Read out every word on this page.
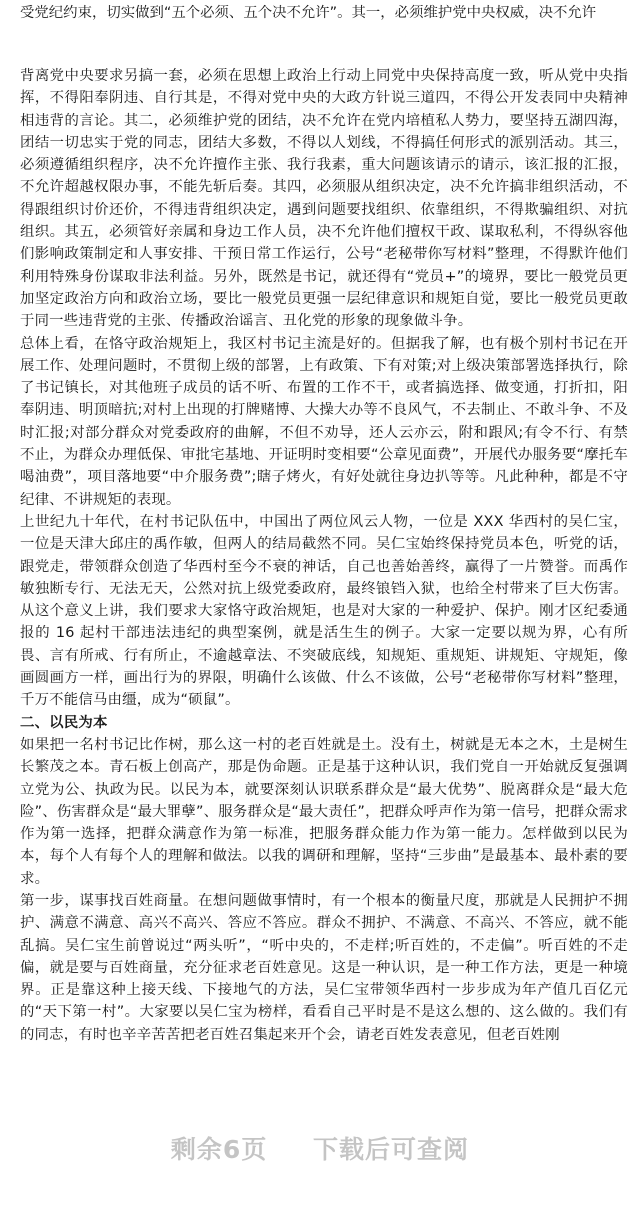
受党纪约束，切实做到“五个必须、五个决不允许”。其一，必须维护党中央权威，决不允许

背离党中央要求另搞一套，必须在思想上政治上行动上同党中央保持高度一致，听从党中央指挥，不得阳奉阴违、自行其是，不得对党中央的大政方针说三道四，不得公开发表同中央精神相违背的言论。其二，必须维护党的团结，决不允许在党内培植私人势力，要坚持五湖四海，团结一切忠实于党的同志，团结大多数，不得以人划线，不得搞任何形式的派别活动。其三，必须遵循组织程序，决不允许擅作主张、我行我素，重大问题该请示的请示，该汇报的汇报，不允许超越权限办事，不能先斩后奏。其四，必须服从组织决定，决不允许搞非组织活动，不得跟组织讨价还价，不得违背组织决定，遇到问题要找组织、依靠组织，不得欺骗组织、对抗组织。其五，必须管好亲属和身边工作人员，决不允许他们擅权干政、谋取私利，不得纵容他们影响政策制定和人事安排、干预日常工作运行，公号“老秘带你写材料”整理，不得默许他们利用特殊身份谋取非法利益。另外，既然是书记，就还得有“党员+”的境界，要比一般党员更加坚定政治方向和政治立场，要比一般党员更强一层纪律意识和规矩自觉，要比一般党员更敢于同一些违背党的主张、传播政治谣言、丑化党的形象的现象做斗争。

总体上看，在恪守政治规矩上，我区村书记主流是好的。但据我了解，也有极个别村书记在开展工作、处理问题时，不贯彻上级的部署，上有政策、下有对策;对上级决策部署选择执行，除了书记镇长，对其他班子成员的话不听、布置的工作不干，或者搞选择、做变通，打折扣，阳奉阴违、明顶暗抗;对村上出现的打牌赌博、大操大办等不良风气，不去制止、不敢斗争、不及时汇报;对部分群众对党委政府的曲解，不但不劝导，还人云亦云，附和跟风;有令不行、有禁不止，为群众办理低保、审批宅基地、开证明时变相要“公章见面费”，开展代办服务要“摩托车喝油费”，项目落地要“中介服务费”;瞎子烤火，有好处就往身边扒等等。凡此种种，都是不守纪律、不讲规矩的表现。

上世纪九十年代，在村书记队伍中，中国出了两位风云人物，一位是 XXX 华西村的吴仁宝，一位是天津大邱庄的禹作敏，但两人的结局截然不同。吴仁宝始终保持党员本色，听党的话，跟党走，带领群众创造了华西村至今不衰的神话，自己也善始善终，赢得了一片赞誉。而禹作敏独断专行、无法无天，公然对抗上级党委政府，最终锒铛入狱，也给全村带来了巨大伤害。从这个意义上讲，我们要求大家恪守政治规矩，也是对大家的一种爱护、保护。刚才区纪委通报的 16 起村干部违法违纪的典型案例，就是活生生的例子。大家一定要以规为界，心有所畏、言有所戒、行有所止，不逾越章法、不突破底线，知规矩、重规矩、讲规矩、守规矩，像画圆画方一样，画出行为的界限，明确什么该做、什么不该做，公号“老秘带你写材料”整理，千万不能信马由缰，成为“硕鼠”。

二、以民为本

如果把一名村书记比作树，那么这一村的老百姓就是土。没有土，树就是无本之木，土是树生长繁茂之本。青石板上创高产，那是伪命题。正是基于这种认识，我们党自一开始就反复强调立党为公、执政为民。以民为本，就要深刻认识联系群众是“最大优势”、脱离群众是“最大危险”、伤害群众是“最大罪孽”、服务群众是“最大责任”，把群众呼声作为第一信号，把群众需求作为第一选择，把群众满意作为第一标准，把服务群众能力作为第一能力。怎样做到以民为本，每个人有每个人的理解和做法。以我的调研和理解，坚持“三步曲”是最基本、最朴素的要求。

第一步，谋事找百姓商量。在想问题做事情时，有一个根本的衡量尺度，那就是人民拥护不拥护、满意不满意、高兴不高兴、答应不答应。群众不拥护、不满意、不高兴、不答应，就不能乱搞。吴仁宝生前曾说过“两头听”，“听中央的，不走样;听百姓的，不走偏”。听百姓的不走偏，就是要与百姓商量，充分征求老百姓意见。这是一种认识，是一种工作方法，更是一种境界。正是靠这种上接天线、下接地气的方法，吴仁宝带领华西村一步步成为年产值几百亿元的“天下第一村”。大家要以吴仁宝为榜样，看看自己平时是不是这么想的、这么做的。我们有的同志，有时也辛辛苦苦把老百姓召集起来开个会，请老百姓发表意见，但老百姓刚

剩余6页 下载后可查阅
